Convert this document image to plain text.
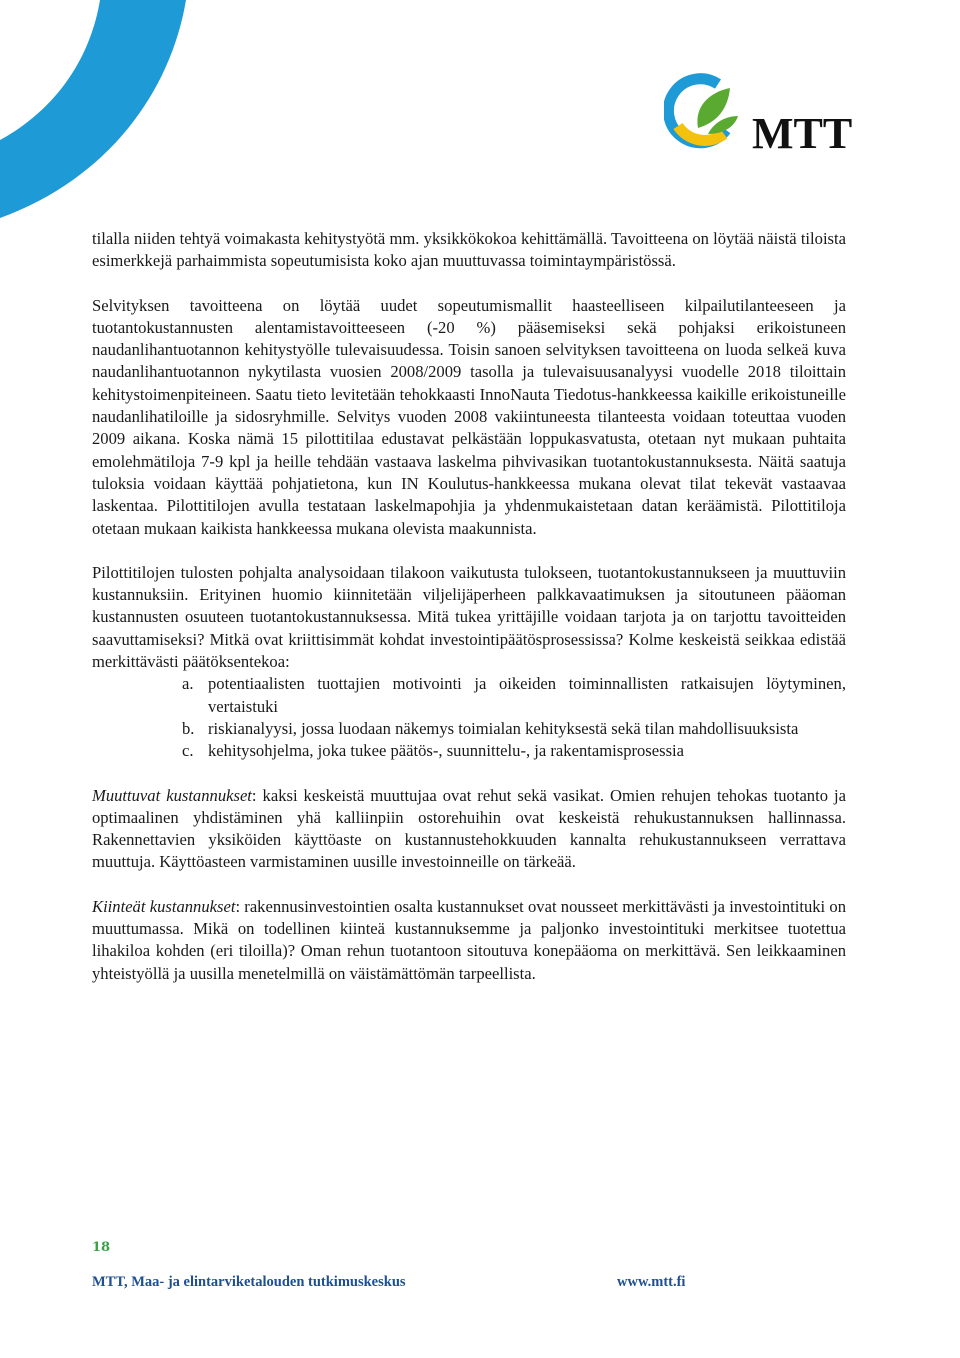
MTT

tilalla niiden tehtyä voimakasta kehitystyötä mm. yksikkökokoa kehittämällä. Tavoitteena on löytää näistä tiloista esimerkkejä parhaimmista sopeutumisista koko ajan muuttuvassa toimintaympäristössä.

Selvityksen tavoitteena on löytää uudet sopeutumismallit haasteelliseen kilpailutilanteeseen ja tuotantokustannusten alentamistavoitteeseen (-20 %) pääsemiseksi sekä pohjaksi erikoistuneen naudanlihantuotannon kehitystyölle tulevaisuudessa. Toisin sanoen selvityksen tavoitteena on luoda selkeä kuva naudanlihantuotannon nykytilasta vuosien 2008/2009 tasolla ja tulevaisuusanalyysi vuodelle 2018 tiloittain kehitystoimenpiteineen. Saatu tieto levitetään tehokkaasti InnoNauta Tiedotus-hankkeessa kaikille erikoistuneille naudanlihatiloille ja sidosryhmille. Selvitys vuoden 2008 vakiintuneesta tilanteesta voidaan toteuttaa vuoden 2009 aikana. Koska nämä 15 pilottitilaa edustavat pelkästään loppukasvatusta, otetaan nyt mukaan puhtaita emolehmätiloja 7-9 kpl ja heille tehdään vastaava laskelma pihvivasikan tuotantokustannuksesta. Näitä saatuja tuloksia voidaan käyttää pohjatietona, kun IN Koulutus-hankkeessa mukana olevat tilat tekevät vastaavaa laskentaa. Pilottitilojen avulla testataan laskelmapohjia ja yhdenmukaistetaan datan keräämistä. Pilottitiloja otetaan mukaan kaikista hankkeessa mukana olevista maakunnista.

Pilottitilojen tulosten pohjalta analysoidaan tilakoon vaikutusta tulokseen, tuotantokustannukseen ja muuttuviin kustannuksiin. Erityinen huomio kiinnitetään viljelijäperheen palkkavaatimuksen ja sitoutuneen pääoman kustannusten osuuteen tuotantokustannuksessa. Mitä tukea yrittäjille voidaan tarjota ja on tarjottu tavoitteiden saavuttamiseksi? Mitkä ovat kriittisimmät kohdat investointipäätösprosessissa? Kolme keskeistä seikkaa edistää merkittävästi päätöksentekoa:

a. potentiaalisten tuottajien motivointi ja oikeiden toiminnallisten ratkaisujen löytyminen, vertaistuki
b. riskianalyysi, jossa luodaan näkemys toimialan kehityksestä sekä tilan mahdollisuuksista
c. kehitysohjelma, joka tukee päätös-, suunnittelu-, ja rakentamisprosessia

Muuttuvat kustannukset: kaksi keskeistä muuttujaa ovat rehut sekä vasikat. Omien rehujen tehokas tuotanto ja optimaalinen yhdistäminen yhä kalliinpiin ostorehuihin ovat keskeistä rehukustannuksen hallinnassa. Rakennettavien yksiköiden käyttöaste on kustannustehokkuuden kannalta rehukustannukseen verrattava muuttuja. Käyttöasteen varmistaminen uusille investoinneille on tärkeää.

Kiinteät kustannukset: rakennusinvestointien osalta kustannukset ovat nousseet merkittävästi ja investointituki on muuttumassa. Mikä on todellinen kiinteä kustannuksemme ja paljonko investointituki merkitsee tuotettua lihakiloa kohden (eri tiloilla)? Oman rehun tuotantoon sitoutuva konepääoma on merkittävä. Sen leikkaaminen yhteistyöllä ja uusilla menetelmillä on väistämättömän tarpeellista.

18
MTT, Maa- ja elintarviketalouden tutkimuskeskus	www.mtt.fi
